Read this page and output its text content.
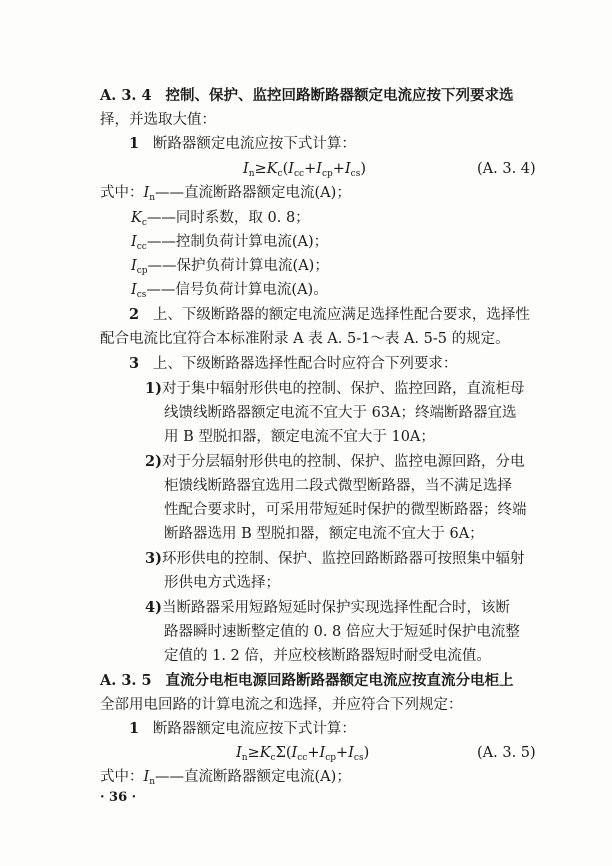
A. 3. 4 控制、保护、监控回路断路器额定电流应按下列要求选
择，并选取大值：
1 断路器额定电流应按下式计算：
$I_n\ge K_c(I_{cc}+I_{cp}+I_{cs})$	(A. 3. 4)
式中：$I_n——$直流断路器额定电流(A)；
$K_c——$同时系数，取 0. 8；
$I_{cc}——$控制负荷计算电流(A)；
$I_{cp}——$保护负荷计算电流(A)；
$I_{cs}——$信号负荷计算电流(A)。
2 上、下级断路器的额定电流应满足选择性配合要求，选择性
配合电流比宜符合本标准附录 A 表 A. 5-1～表 A. 5-5 的规定。
3 上、下级断路器选择性配合时应符合下列要求：
1)对于集中辐射形供电的控制、保护、监控回路，直流柜母
线馈线断路器额定电流不宜大于 63A；终端断路器宜选
用 B 型脱扣器，额定电流不宜大于 10A；
2)对于分层辐射形供电的控制、保护、监控电源回路，分电
柜馈线断路器宜选用二段式微型断路器，当不满足选择
性配合要求时，可采用带短延时保护的微型断路器；终端
断路器选用 B 型脱扣器，额定电流不宜大于 6A；
3)环形供电的控制、保护、监控回路断路器可按照集中辐射
形供电方式选择；
4)当断路器采用短路短延时保护实现选择性配合时，该断
路器瞬时速断整定值的 0. 8 倍应大于短延时保护电流整
定值的 1. 2 倍，并应校核断路器短时耐受电流值。
A. 3. 5 直流分电柜电源回路断路器额定电流应按直流分电柜上
全部用电回路的计算电流之和选择，并应符合下列规定：
1 断路器额定电流应按下式计算：
$I_n\ge K_c\Sigma(I_{cc}+I_{cp}+I_{cs})$	(A. 3. 5)
式中：$I_n——$直流断路器额定电流(A)；
· 36 ·
